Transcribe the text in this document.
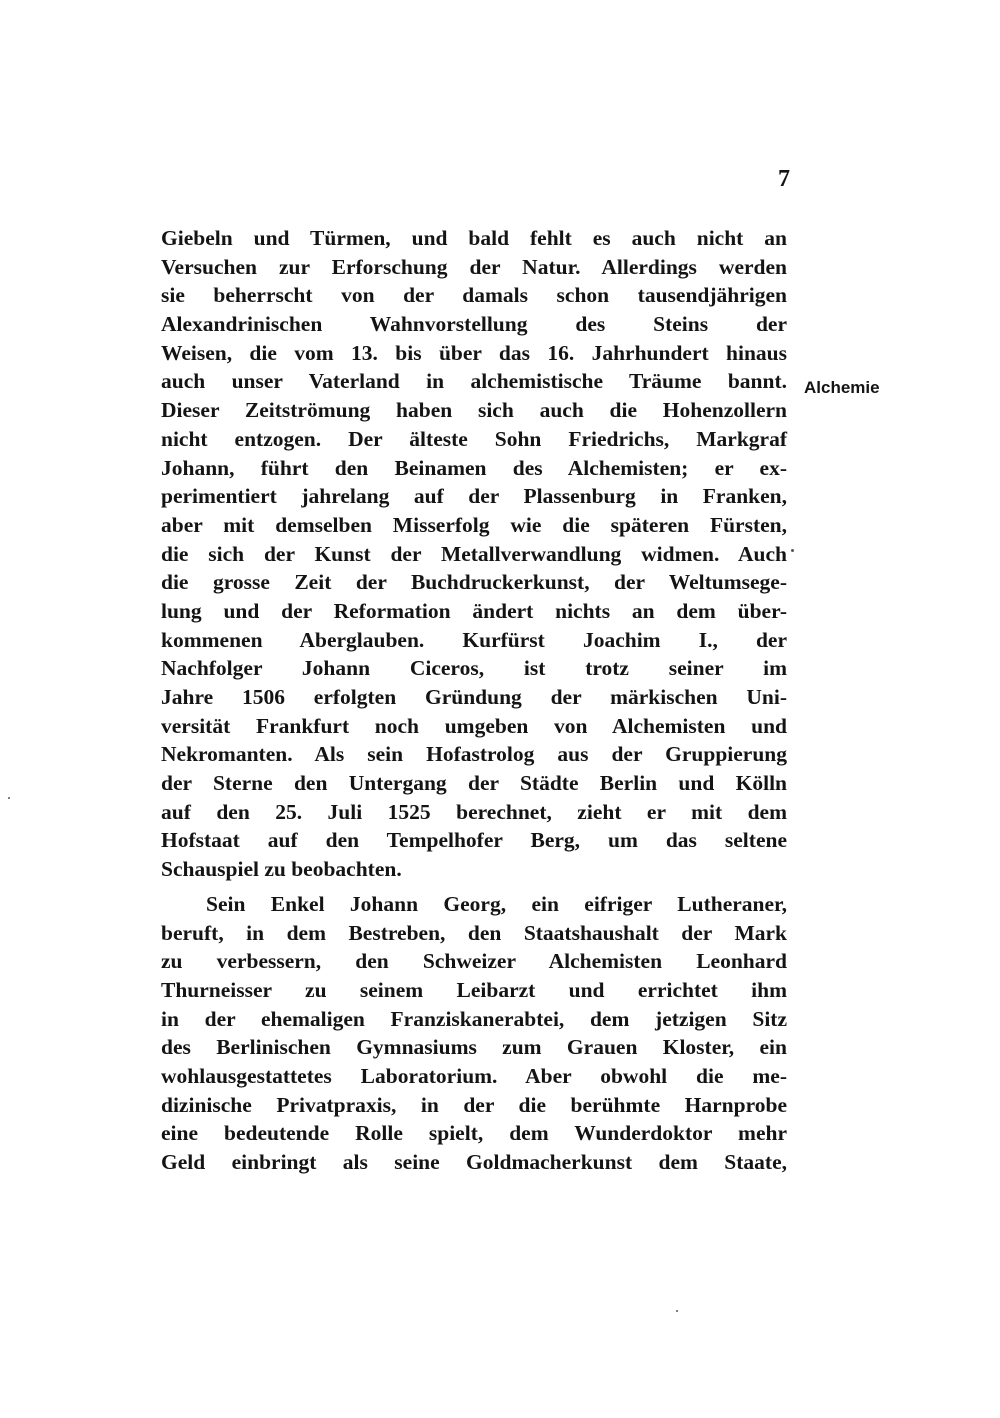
7
Giebeln und Türmen, und bald fehlt es auch nicht an
Versuchen zur Erforschung der Natur. Allerdings werden
sie beherrscht von der damals schon tausendjährigen
Alexandrinischen Wahnvorstellung des Steins der
Weisen, die vom 13. bis über das 16. Jahrhundert hinaus
auch unser Vaterland in alchemistische Träume bannt.
Dieser Zeitströmung haben sich auch die Hohenzollern
nicht entzogen. Der älteste Sohn Friedrichs, Markgraf
Johann, führt den Beinamen des Alchemisten; er ex-
perimentiert jahrelang auf der Plassenburg in Franken,
aber mit demselben Misserfolg wie die späteren Fürsten,
die sich der Kunst der Metallverwandlung widmen. Auch
die grosse Zeit der Buchdruckerkunst, der Weltumsege-
lung und der Reformation ändert nichts an dem über-
kommenen Aberglauben. Kurfürst Joachim I., der
Nachfolger Johann Ciceros, ist trotz seiner im
Jahre 1506 erfolgten Gründung der märkischen Uni-
versität Frankfurt noch umgeben von Alchemisten und
Nekromanten. Als sein Hofastrolog aus der Gruppierung
der Sterne den Untergang der Städte Berlin und Kölln
auf den 25. Juli 1525 berechnet, zieht er mit dem
Hofstaat auf den Tempelhofer Berg, um das seltene
Schauspiel zu beobachten.
Sein Enkel Johann Georg, ein eifriger Lutheraner,
beruft, in dem Bestreben, den Staatshaushalt der Mark
zu verbessern, den Schweizer Alchemisten Leonhard
Thurneisser zu seinem Leibarzt und errichtet ihm
in der ehemaligen Franziskanerabtei, dem jetzigen Sitz
des Berlinischen Gymnasiums zum Grauen Kloster, ein
wohlausgestattetes Laboratorium. Aber obwohl die me-
dizinische Privatpraxis, in der die berühmte Harnprobe
eine bedeutende Rolle spielt, dem Wunderdoktor mehr
Geld einbringt als seine Goldmacherkunst dem Staate,
Alchemie
